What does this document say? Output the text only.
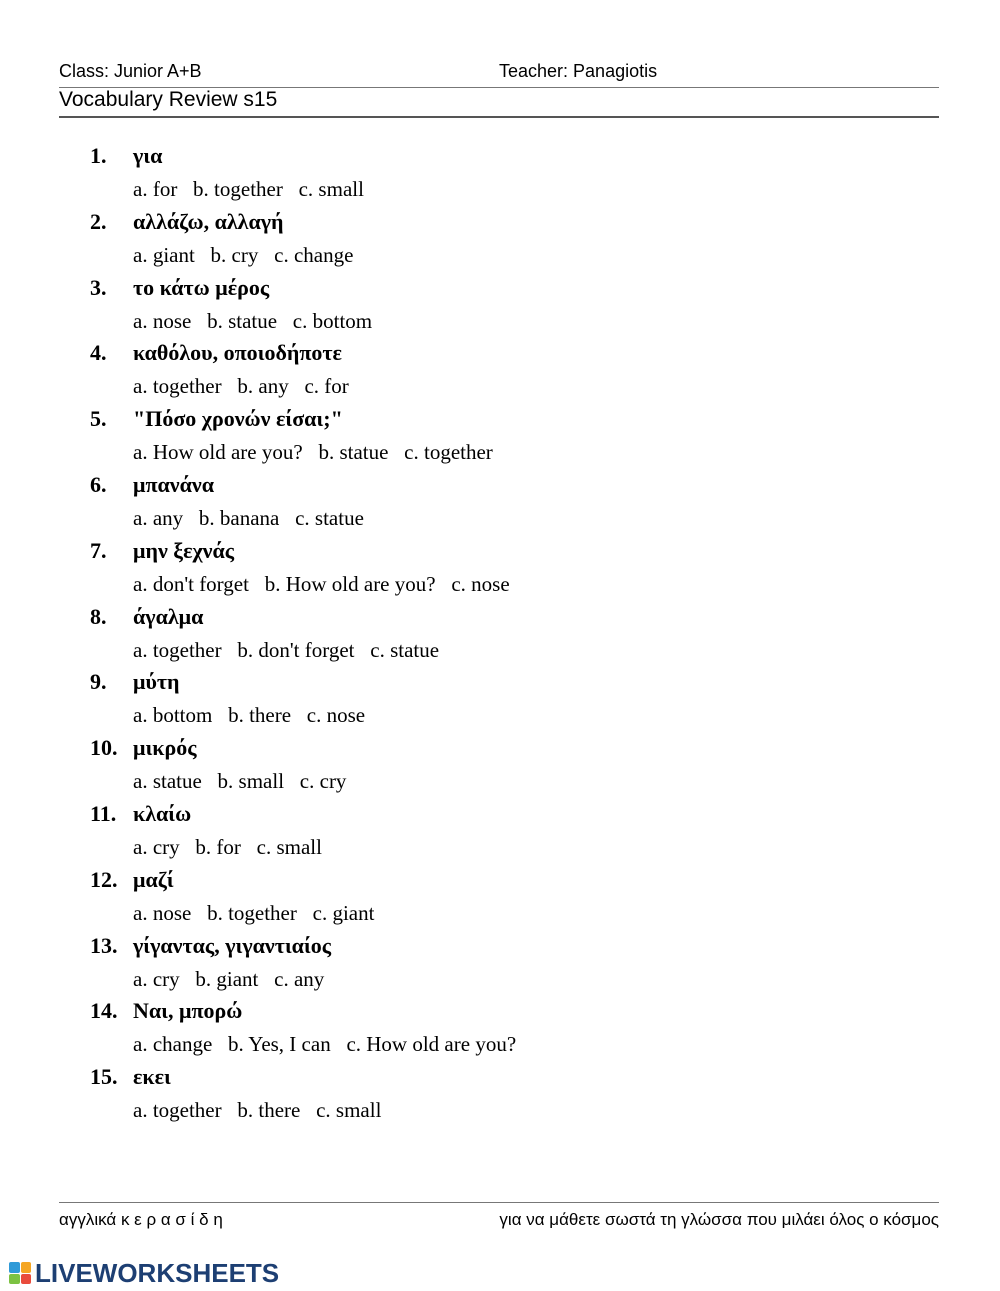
Class: Junior A+B	Teacher: Panagiotis
Vocabulary Review s15
1. για
a. for   b. together   c. small
2. αλλάζω, αλλαγή
a. giant   b. cry   c. change
3. το κάτω μέρος
a. nose   b. statue   c. bottom
4. καθόλου, οποιοδήποτε
a. together   b. any   c. for
5. "Πόσο χρονών είσαι;"
a. How old are you?   b. statue   c. together
6. μπανάνα
a. any   b. banana   c. statue
7. μην ξεχνάς
a. don't forget   b. How old are you?   c. nose
8. άγαλμα
a. together   b. don't forget   c. statue
9. μύτη
a. bottom   b. there   c. nose
10. μικρός
a. statue   b. small   c. cry
11. κλαίω
a. cry   b. for   c. small
12. μαζί
a. nose   b. together   c. giant
13. γίγαντας, γιγαντιαίος
a. cry   b. giant   c. any
14. Ναι, μπορώ
a. change   b. Yes, I can   c. How old are you?
15. εκει
a. together   b. there   c. small
αγγλικά κ ε ρ α σ ί δ η	για να μάθετε σωστά τη γλώσσα που μιλάει όλος ο κόσμος
LIVEWORKSHEETS
